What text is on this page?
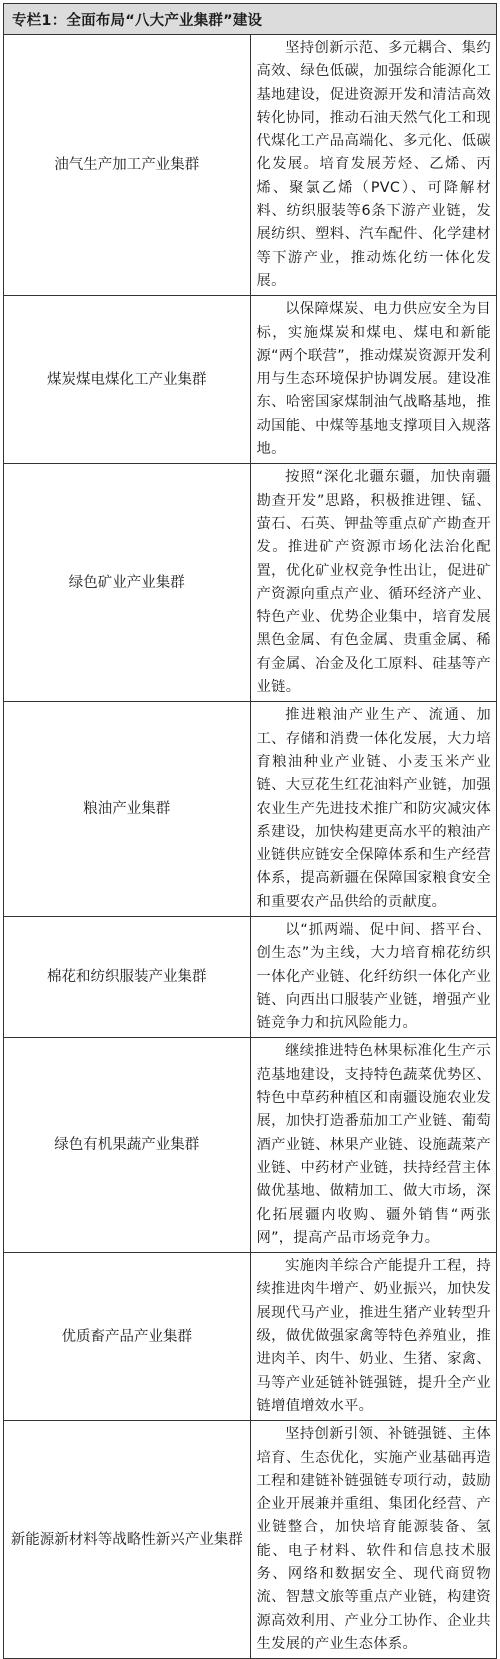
专栏1：全面布局“八大产业集群”建设	
油气生产加工产业集群	坚持创新示范、多元耦合、集约高效、绿色低碳，加强综合能源化工基地建设，促进资源开发和清洁高效转化协同，推动石油天然气化工和现代煤化工产品高端化、多元化、低碳化发展。培育发展芳烃、乙烯、丙烯、聚氯乙烯（PVC）、可降解材料、纺织服装等6条下游产业链，发展纺织、塑料、汽车配件、化学建材等下游产业，推动炼化纺一体化发展。

煤炭煤电煤化工产业集群	以保障煤炭、电力供应安全为目标，实施煤炭和煤电、煤电和新能源“两个联营”，推动煤炭资源开发利用与生态环境保护协调发展。建设准东、哈密国家煤制油气战略基地，推动国能、中煤等基地支撑项目入规落地。

绿色矿业产业集群	按照“深化北疆东疆，加快南疆勘查开发”思路，积极推进锂、锰、萤石、石英、钾盐等重点矿产勘查开发。推进矿产资源市场化法治化配置，优化矿业权竞争性出让，促进矿产资源向重点产业、循环经济产业、特色产业、优势企业集中，培育发展黑色金属、有色金属、贵重金属、稀有金属、冶金及化工原料、硅基等产业链。

粮油产业集群	推进粮油产业生产、流通、加工、存储和消费一体化发展，大力培育粮油种业产业链、小麦玉米产业链、大豆花生红花油料产业链，加强农业生产先进技术推广和防灾减灾体系建设，加快构建更高水平的粮油产业链供应链安全保障体系和生产经营体系，提高新疆在保障国家粮食安全和重要农产品供给的贡献度。

棉花和纺织服装产业集群	以“抓两端、促中间、搭平台、创生态”为主线，大力培育棉花纺织一体化产业链、化纤纺织一体化产业链、向西出口服装产业链，增强产业链竞争力和抗风险能力。

绿色有机果蔬产业集群	继续推进特色林果标准化生产示范基地建设，支持特色蔬菜优势区、特色中草药种植区和南疆设施农业发展，加快打造番茄加工产业链、葡萄酒产业链、林果产业链、设施蔬菜产业链、中药材产业链，扶持经营主体做优基地、做精加工、做大市场，深化拓展疆内收购、疆外销售“两张网”，提高产品市场竞争力。

优质畜产品产业集群	实施肉羊综合产能提升工程，持续推进肉牛增产、奶业振兴，加快发展现代马产业，推进生猪产业转型升级，做优做强家禽等特色养殖业，推进肉羊、肉牛、奶业、生猪、家禽、马等产业延链补链强链，提升全产业链增值增效水平。

新能源新材料等战略性新兴产业集群	坚持创新引领、补链强链、主体培育、生态优化，实施产业基础再造工程和建链补链强链专项行动，鼓励企业开展兼并重组、集团化经营、产业链整合，加快培育能源装备、氢能、电子材料、软件和信息技术服务、网络和数据安全、现代商贸物流、智慧文旅等重点产业链，构建资源高效利用、产业分工协作、企业共生发展的产业生态体系。
